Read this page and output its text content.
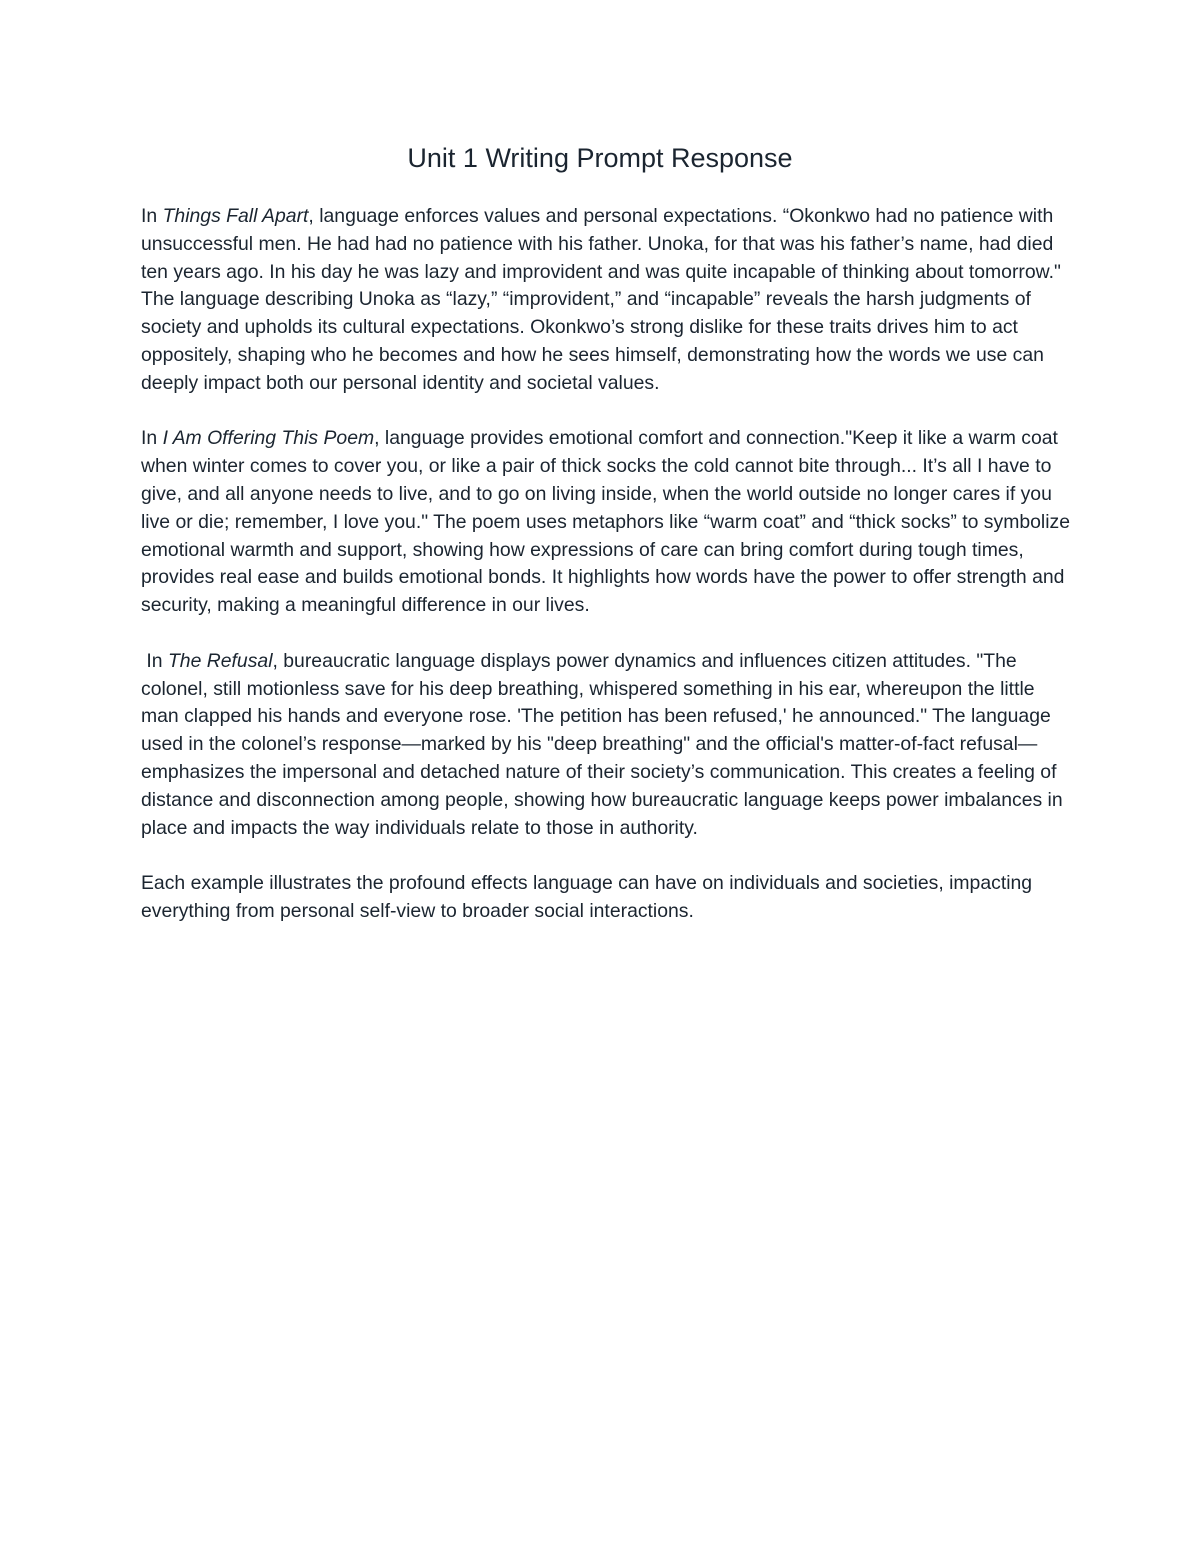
Unit 1 Writing Prompt Response

In Things Fall Apart, language enforces values and personal expectations. “Okonkwo had no patience with unsuccessful men. He had had no patience with his father. Unoka, for that was his father’s name, had died ten years ago. In his day he was lazy and improvident and was quite incapable of thinking about tomorrow." The language describing Unoka as “lazy,” “improvident,” and “incapable” reveals the harsh judgments of society and upholds its cultural expectations. Okonkwo’s strong dislike for these traits drives him to act oppositely, shaping who he becomes and how he sees himself, demonstrating how the words we use can deeply impact both our personal identity and societal values.

In I Am Offering This Poem, language provides emotional comfort and connection."Keep it like a warm coat when winter comes to cover you, or like a pair of thick socks the cold cannot bite through... It’s all I have to give, and all anyone needs to live, and to go on living inside, when the world outside no longer cares if you live or die; remember, I love you." The poem uses metaphors like “warm coat” and “thick socks” to symbolize emotional warmth and support, showing how expressions of care can bring comfort during tough times, provides real ease and builds emotional bonds. It highlights how words have the power to offer strength and security, making a meaningful difference in our lives.

In The Refusal, bureaucratic language displays power dynamics and influences citizen attitudes. "The colonel, still motionless save for his deep breathing, whispered something in his ear, whereupon the little man clapped his hands and everyone rose. 'The petition has been refused,' he announced." The language used in the colonel’s response—marked by his "deep breathing" and the official's matter-of-fact refusal—emphasizes the impersonal and detached nature of their society’s communication. This creates a feeling of distance and disconnection among people, showing how bureaucratic language keeps power imbalances in place and impacts the way individuals relate to those in authority.

Each example illustrates the profound effects language can have on individuals and societies, impacting everything from personal self-view to broader social interactions.
